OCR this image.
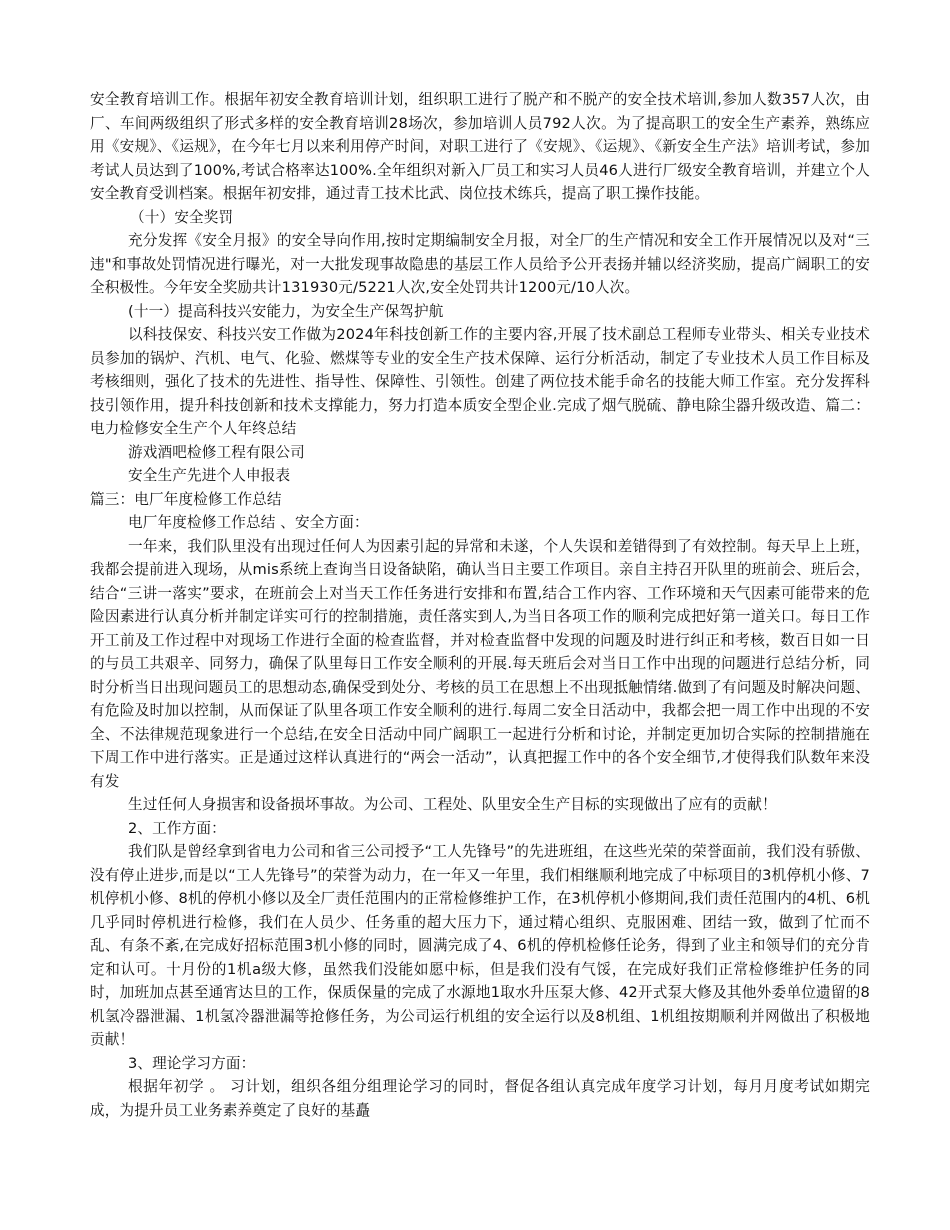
安全教育培训工作。根据年初安全教育培训计划，组织职工进行了脱产和不脱产的安全技术培训,参加人数357人次，由厂、车间两级组织了形式多样的安全教育培训28场次，参加培训人员792人次。为了提高职工的安全生产素养，熟练应用《安规》、《运规》，在今年七月以来利用停产时间，对职工进行了《安规》、《运规》、《新安全生产法》培训考试，参加考试人员达到了100%,考试合格率达100%.全年组织对新入厂员工和实习人员46人进行厂级安全教育培训，并建立个人安全教育受训档案。根据年初安排，通过青工技术比武、岗位技术练兵，提高了职工操作技能。

（十）安全奖罚

充分发挥《安全月报》的安全导向作用,按时定期编制安全月报，对全厂的生产情况和安全工作开展情况以及对“三违"和事故处罚情况进行曝光，对一大批发现事故隐患的基层工作人员给予公开表扬并辅以经济奖励，提高广阔职工的安全积极性。今年安全奖励共计131930元/5221人次,安全处罚共计1200元/10人次。

(十一）提高科技兴安能力，为安全生产保驾护航

以科技保安、科技兴安工作做为2024年科技创新工作的主要内容,开展了技术副总工程师专业带头、相关专业技术员参加的锅炉、汽机、电气、化验、燃煤等专业的安全生产技术保障、运行分析活动，制定了专业技术人员工作目标及考核细则，强化了技术的先进性、指导性、保障性、引领性。创建了两位技术能手命名的技能大师工作室。充分发挥科技引领作用，提升科技创新和技术支撑能力，努力打造本质安全型企业.完成了烟气脱硫、静电除尘器升级改造、篇二：电力检修安全生产个人年终总结

游戏酒吧检修工程有限公司

安全生产先进个人申报表

篇三：电厂年度检修工作总结

电厂年度检修工作总结 、安全方面：

一年来，我们队里没有出现过任何人为因素引起的异常和未遂，个人失误和差错得到了有效控制。每天早上上班，我都会提前进入现场，从mis系统上查询当日设备缺陷，确认当日主要工作项目。亲自主持召开队里的班前会、班后会，结合“三讲一落实”要求，在班前会上对当天工作任务进行安排和布置,结合工作内容、工作环境和天气因素可能带来的危险因素进行认真分析并制定详实可行的控制措施，责任落实到人,为当日各项工作的顺利完成把好第一道关口。每日工作开工前及工作过程中对现场工作进行全面的检查监督，并对检查监督中发现的问题及时进行纠正和考核，数百日如一日的与员工共艰辛、同努力，确保了队里每日工作安全顺利的开展.每天班后会对当日工作中出现的问题进行总结分析，同时分析当日出现问题员工的思想动态,确保受到处分、考核的员工在思想上不出现抵触情绪.做到了有问题及时解决问题、有危险及时加以控制，从而保证了队里各项工作安全顺利的进行.每周二安全日活动中，我都会把一周工作中出现的不安全、不法律规范现象进行一个总结,在安全日活动中同广阔职工一起进行分析和讨论，并制定更加切合实际的控制措施在下周工作中进行落实。正是通过这样认真进行的“两会一活动”，认真把握工作中的各个安全细节,才使得我们队数年来没有发

生过任何人身损害和设备损坏事故。为公司、工程处、队里安全生产目标的实现做出了应有的贡献！

2、工作方面：

我们队是曾经拿到省电力公司和省三公司授予“工人先锋号”的先进班组，在这些光荣的荣誉面前，我们没有骄傲、没有停止进步,而是以“工人先锋号”的荣誉为动力，在一年又一年里，我们相继顺利地完成了中标项目的3机停机小修、7机停机小修、8机的停机小修以及全厂责任范围内的正常检修维护工作，在3机停机小修期间,我们责任范围内的4机、6机几乎同时停机进行检修，我们在人员少、任务重的超大压力下，通过精心组织、克服困难、团结一致，做到了忙而不乱、有条不紊,在完成好招标范围3机小修的同时，圆满完成了4、6机的停机检修任论务，得到了业主和领导们的充分肯定和认可。十月份的1机a级大修，虽然我们没能如愿中标，但是我们没有气馁，在完成好我们正常检修维护任务的同时，加班加点甚至通宵达旦的工作，保质保量的完成了水源地1取水升压泵大修、42开式泵大修及其他外委单位遗留的8机氢冷器泄漏、1机氢冷器泄漏等抢修任务，为公司运行机组的安全运行以及8机组、1机组按期顺利并网做出了积极地贡献！

3、理论学习方面：

根据年初学 。 习计划，组织各组分组理论学习的同时，督促各组认真完成年度学习计划，每月月度考试如期完成，为提升员工业务素养奠定了良好的基矗
